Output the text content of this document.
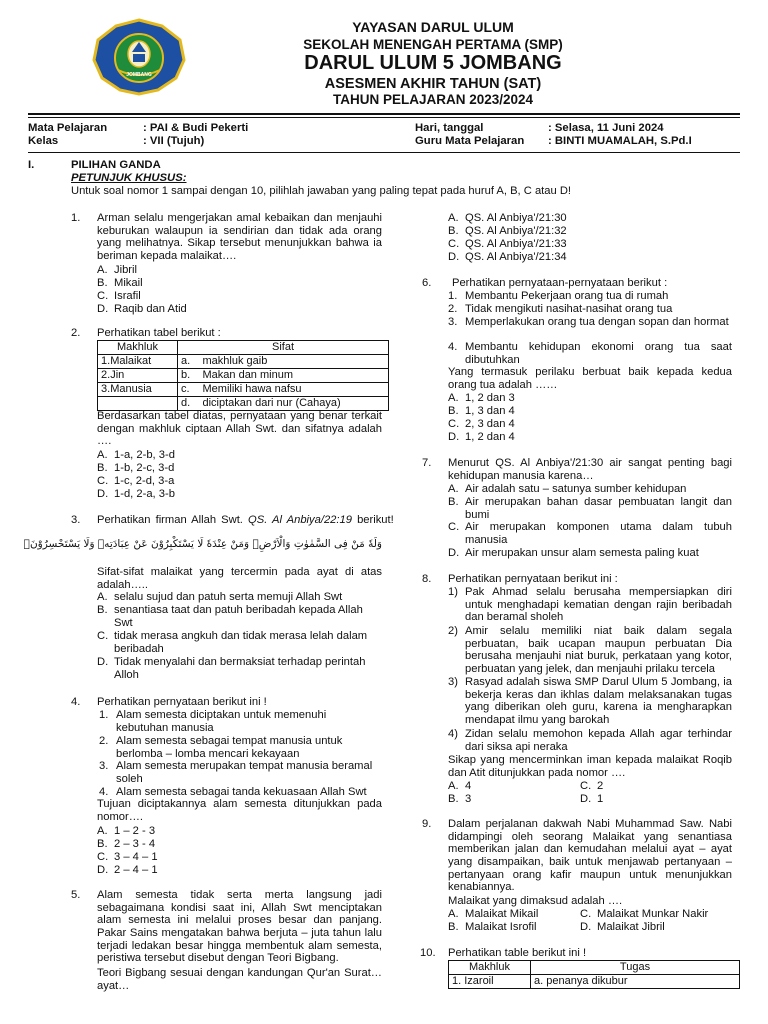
JOMBANG
YAYASAN DARUL ULUM
SEKOLAH MENENGAH PERTAMA (SMP)
DARUL ULUM 5 JOMBANG
ASESMEN AKHIR TAHUN (SAT)
TAHUN PELAJARAN 2023/2024
Mata Pelajaran	: PAI & Budi Pekerti
Kelas	: VII (Tujuh)
Hari, tanggal	: Selasa, 11 Juni 2024
Guru Mata Pelajaran : BINTI MUAMALAH, S.Pd.I
I.	PILIHAN GANDA
PETUNJUK KHUSUS:
Untuk soal nomor 1 sampai dengan 10, pilihlah jawaban yang paling tepat pada huruf A, B, C atau D!
1.	Arman selalu mengerjakan amal kebaikan dan menjauhi keburukan walaupun ia sendirian dan tidak ada orang yang melihatnya. Sikap tersebut menunjukkan bahwa ia beriman kepada malaikat….
A. Jibril
B. Mikail
C. Israfil
D. Raqib dan Atid
2.	Perhatikan tabel berikut :
Makhluk	Sifat	
1.Malaikat	a.	makhluk gaib
2.Jin	b.	Makan dan minum
3.Manusia	c.	Memiliki hawa nafsu
	d.	diciptakan dari nur (Cahaya)
Berdasarkan tabel diatas, pernyataan yang benar terkait dengan makhluk ciptaan Allah Swt. dan sifatnya adalah ….
A. 1-a, 2-b, 3-d
B. 1-b, 2-c, 3-d
C. 1-c, 2-d, 3-a
D. 1-d, 2-a, 3-b
3.	Perhatikan firman Allah Swt. QS. Al Anbiya/22:19 berikut!
وَلَهٗ مَنْ فِى السَّمٰوٰتِ وَالْاَرْضِۗ وَمَنْ عِنْدَهٗ لَا يَسْتَكْبِرُوْنَ عَنْ عِبَادَتِهٖ وَلَا يَسْتَحْسِرُوْنَۚ
Sifat-sifat malaikat yang tercermin pada ayat di atas adalah…..
A. selalu sujud dan patuh serta memuji Allah Swt
B. senantiasa taat dan patuh beribadah kepada Allah Swt
C. tidak merasa angkuh dan tidak merasa lelah dalam beribadah
D. Tidak menyalahi dan bermaksiat terhadap perintah Alloh
4.	Perhatikan pernyataan berikut ini !
1. Alam semesta diciptakan untuk memenuhi kebutuhan manusia
2. Alam semesta sebagai tempat manusia untuk berlomba – lomba mencari kekayaan
3. Alam semesta merupakan tempat manusia beramal soleh
4. Alam semesta sebagai tanda kekuasaan Allah Swt
Tujuan diciptakannya alam semesta ditunjukkan pada nomor….
A. 1 – 2 - 3
B. 2 – 3 - 4
C. 3 – 4 – 1
D. 2 – 4 – 1
5.	Alam semesta tidak serta merta langsung jadi sebagaimana kondisi saat ini, Allah Swt menciptakan alam semesta ini melalui proses besar dan panjang. Pakar Sains mengatakan bahwa berjuta – juta tahun lalu terjadi ledakan besar hingga membentuk alam semesta, peristiwa tersebut disebut dengan Teori Bigbang.
Teori Bigbang sesuai dengan kandungan Qur'an Surat…ayat…
A. QS. Al Anbiya'/21:30
B. QS. Al Anbiya'/21:32
C. QS. Al Anbiya'/21:33
D. QS. Al Anbiya'/21:34
6.	Perhatikan pernyataan-pernyataan berikut :
1. Membantu Pekerjaan orang tua di rumah
2. Tidak mengikuti nasihat-nasihat orang tua
3. Memperlakukan orang tua dengan sopan dan hormat
4. Membantu kehidupan ekonomi orang tua saat dibutuhkan
Yang termasuk perilaku berbuat baik kepada kedua orang tua adalah ……
A. 1, 2 dan 3
B. 1, 3 dan 4
C. 2, 3 dan 4
D. 1, 2 dan 4
7.	Menurut QS. Al Anbiya'/21:30 air sangat penting bagi kehidupan manusia karena…
A. Air adalah satu – satunya sumber kehidupan
B. Air merupakan bahan dasar pembuatan langit dan bumi
C. Air merupakan komponen utama dalam tubuh manusia
D. Air merupakan unsur alam semesta paling kuat
8.	Perhatikan pernyataan berikut ini :
1) Pak Ahmad selalu berusaha mempersiapkan diri untuk menghadapi kematian dengan rajin beribadah dan beramal sholeh
2) Amir selalu memiliki niat baik dalam segala perbuatan, baik ucapan maupun perbuatan Dia berusaha menjauhi niat buruk, perkataan yang kotor, perbuatan yang jelek, dan menjauhi prilaku tercela
3) Rasyad adalah siswa SMP Darul Ulum 5 Jombang, ia bekerja keras dan ikhlas dalam melaksanakan tugas yang diberikan oleh guru, karena ia mengharapkan mendapat ilmu yang barokah
4) Zidan selalu memohon kepada Allah agar terhindar dari siksa api neraka
Sikap yang mencerminkan iman kepada malaikat Roqib dan Atit ditunjukkan pada nomor ….
A. 4	C. 2
B. 3	D. 1
9.	Dalam perjalanan dakwah Nabi Muhammad Saw. Nabi didampingi oleh seorang Malaikat yang senantiasa memberikan jalan dan kemudahan melalui ayat – ayat yang disampaikan, baik untuk menjawab pertanyaan – pertanyaan orang kafir maupun untuk menunjukkan kenabiannya.
Malaikat yang dimaksud adalah ….
A. Malaikat Mikail	C. Malaikat Munkar Nakir
B. Malaikat Isrofil	D. Malaikat Jibril
10.	Perhatikan table berikut ini !
Makhluk	Tugas
1. Izaroil	a. penanya dikubur
